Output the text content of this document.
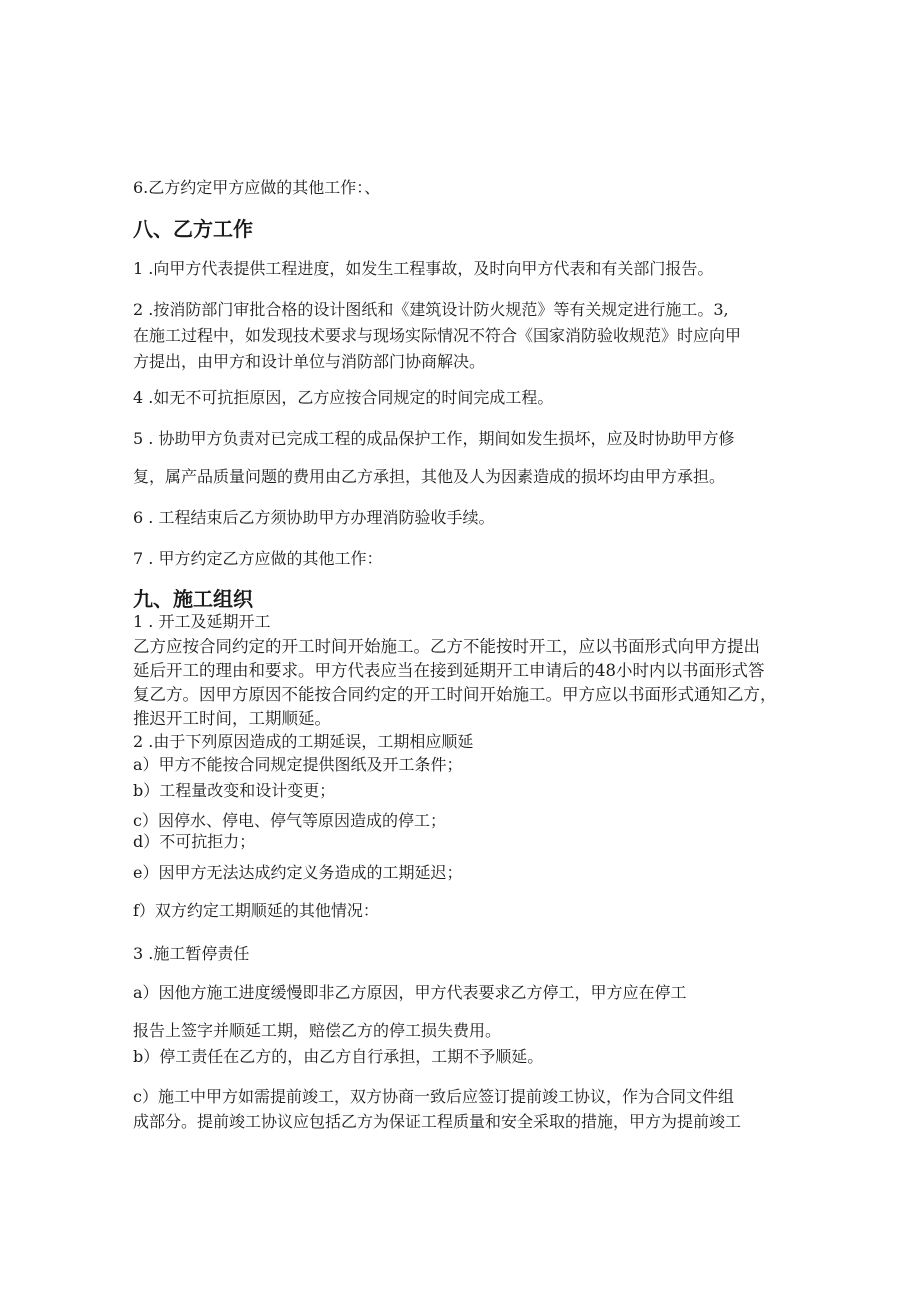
6.乙方约定甲方应做的其他工作：、
八、乙方工作
1 .向甲方代表提供工程进度，如发生工程事故，及时向甲方代表和有关部门报告。
2 .按消防部门审批合格的设计图纸和《建筑设计防火规范》等有关规定进行施工。3,
在施工过程中，如发现技术要求与现场实际情况不符合《国家消防验收规范》时应向甲
方提出，由甲方和设计单位与消防部门协商解决。
4 .如无不可抗拒原因，乙方应按合同规定的时间完成工程。
5 . 协助甲方负责对已完成工程的成品保护工作，期间如发生损坏，应及时协助甲方修
复，属产品质量问题的费用由乙方承担，其他及人为因素造成的损坏均由甲方承担。
6 . 工程结束后乙方须协助甲方办理消防验收手续。
7 . 甲方约定乙方应做的其他工作：
九、施工组织
1 . 开工及延期开工
乙方应按合同约定的开工时间开始施工。乙方不能按时开工，应以书面形式向甲方提出
延后开工的理由和要求。甲方代表应当在接到延期开工申请后的48小时内以书面形式答
复乙方。因甲方原因不能按合同约定的开工时间开始施工。甲方应以书面形式通知乙方，
推迟开工时间，工期顺延。
2 .由于下列原因造成的工期延误，工期相应顺延
a）甲方不能按合同规定提供图纸及开工条件；
b）工程量改变和设计变更；
c）因停水、停电、停气等原因造成的停工；
d）不可抗拒力；
e）因甲方无法达成约定义务造成的工期延迟；
f）双方约定工期顺延的其他情况：
3 .施工暂停责任
a）因他方施工进度缓慢即非乙方原因，甲方代表要求乙方停工，甲方应在停工
报告上签字并顺延工期，赔偿乙方的停工损失费用。
b）停工责任在乙方的，由乙方自行承担，工期不予顺延。
c）施工中甲方如需提前竣工，双方协商一致后应签订提前竣工协议，作为合同文件组
成部分。提前竣工协议应包括乙方为保证工程质量和安全采取的措施，甲方为提前竣工
